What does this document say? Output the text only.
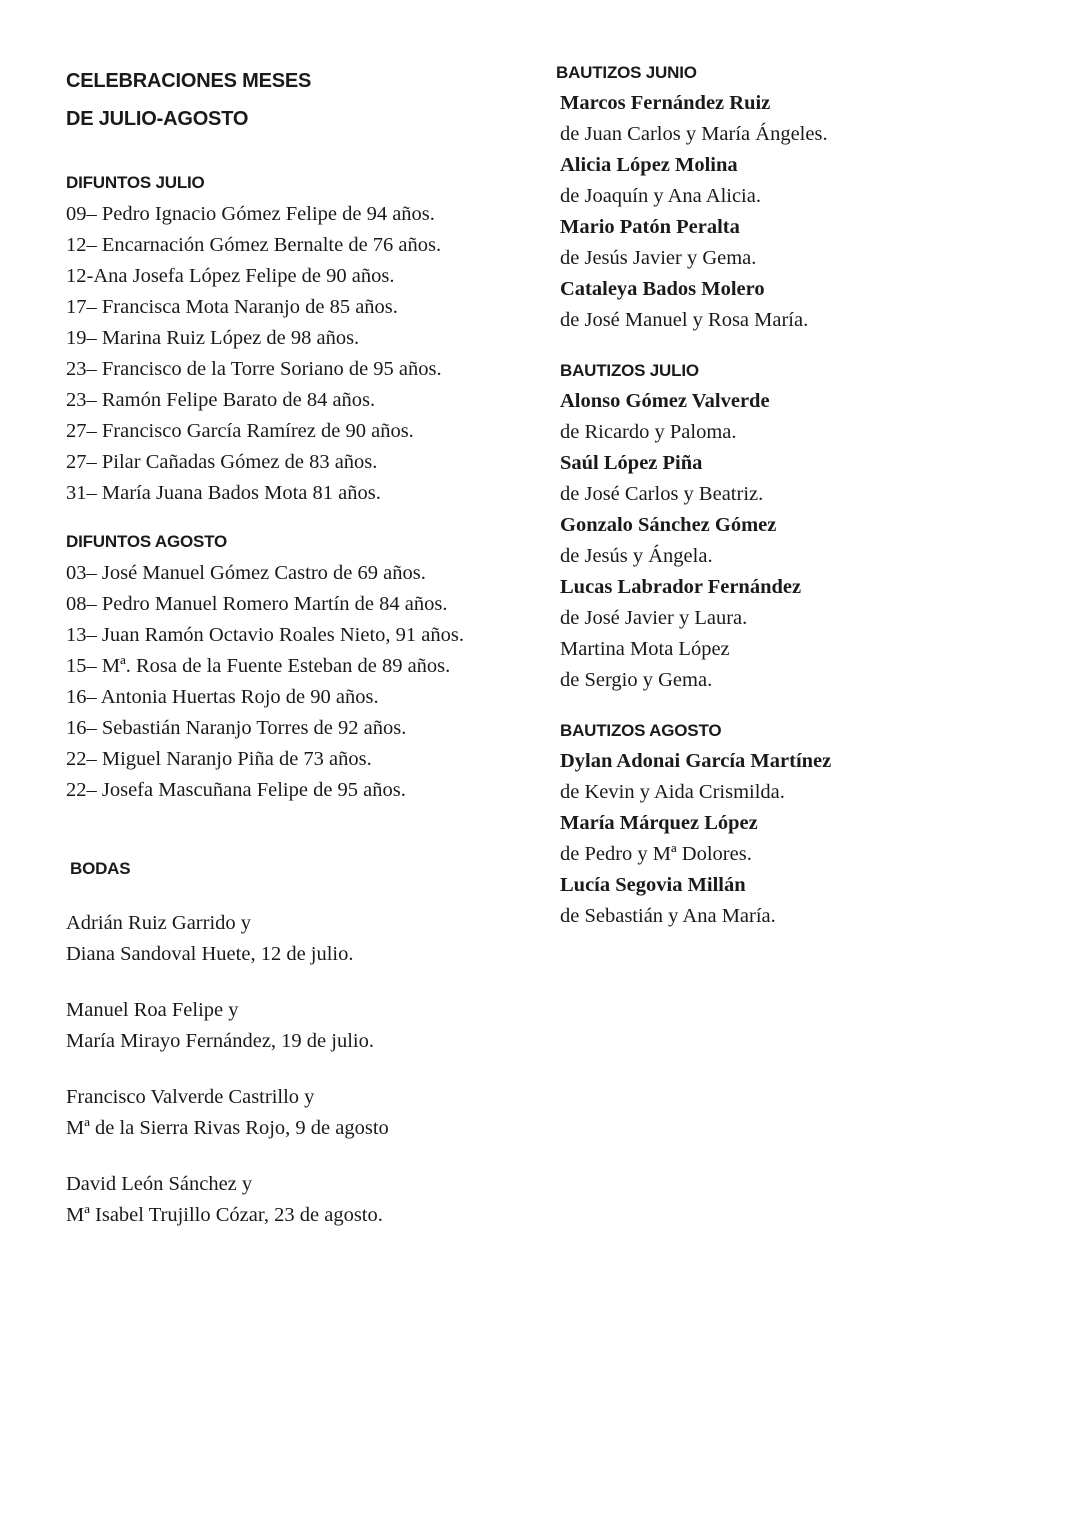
CELEBRACIONES MESES

DE JULIO-AGOSTO

DIFUNTOS JULIO

09– Pedro Ignacio Gómez Felipe de 94 años.
12– Encarnación Gómez Bernalte de 76 años.
12-Ana Josefa López Felipe de 90 años.
17– Francisca Mota Naranjo de 85 años.
19– Marina Ruiz López de 98 años.
23– Francisco de la Torre Soriano de 95 años.
23– Ramón Felipe Barato de 84 años.
27– Francisco García Ramírez de 90 años.
27– Pilar Cañadas Gómez de 83 años.
31– María Juana Bados Mota 81 años.

DIFUNTOS AGOSTO

03– José Manuel Gómez Castro de 69 años.
08– Pedro Manuel Romero Martín de 84 años.
13– Juan Ramón Octavio Roales Nieto, 91 años.
15– Mª. Rosa de la Fuente Esteban de 89 años.
16– Antonia Huertas Rojo de 90 años.
16– Sebastián Naranjo Torres de 92 años.
22– Miguel Naranjo Piña de 73 años.
22– Josefa Mascuñana Felipe de 95 años.

BODAS

Adrián Ruiz Garrido y

Diana Sandoval Huete, 12 de julio.

Manuel Roa Felipe y

María Mirayo Fernández, 19 de julio.

Francisco Valverde Castrillo y

Mª de la Sierra Rivas Rojo, 9 de agosto

David León Sánchez y

Mª Isabel Trujillo Cózar, 23 de agosto.

BAUTIZOS JUNIO

Marcos Fernández Ruiz

de Juan Carlos y María Ángeles.

Alicia López Molina

de Joaquín y Ana Alicia.

Mario Patón Peralta

de Jesús Javier y Gema.

Cataleya Bados Molero

de José Manuel y Rosa María.

BAUTIZOS JULIO

Alonso Gómez Valverde

de Ricardo y Paloma.

Saúl López Piña

de José Carlos y Beatriz.

Gonzalo Sánchez Gómez

de Jesús y Ángela.

Lucas Labrador Fernández

de José Javier y Laura.

Martina Mota López

de Sergio y Gema.

BAUTIZOS AGOSTO

Dylan Adonai García Martínez

de Kevin y Aida Crismilda.

María Márquez López

de Pedro y Mª Dolores.

Lucía Segovia Millán

de Sebastián y Ana María.
